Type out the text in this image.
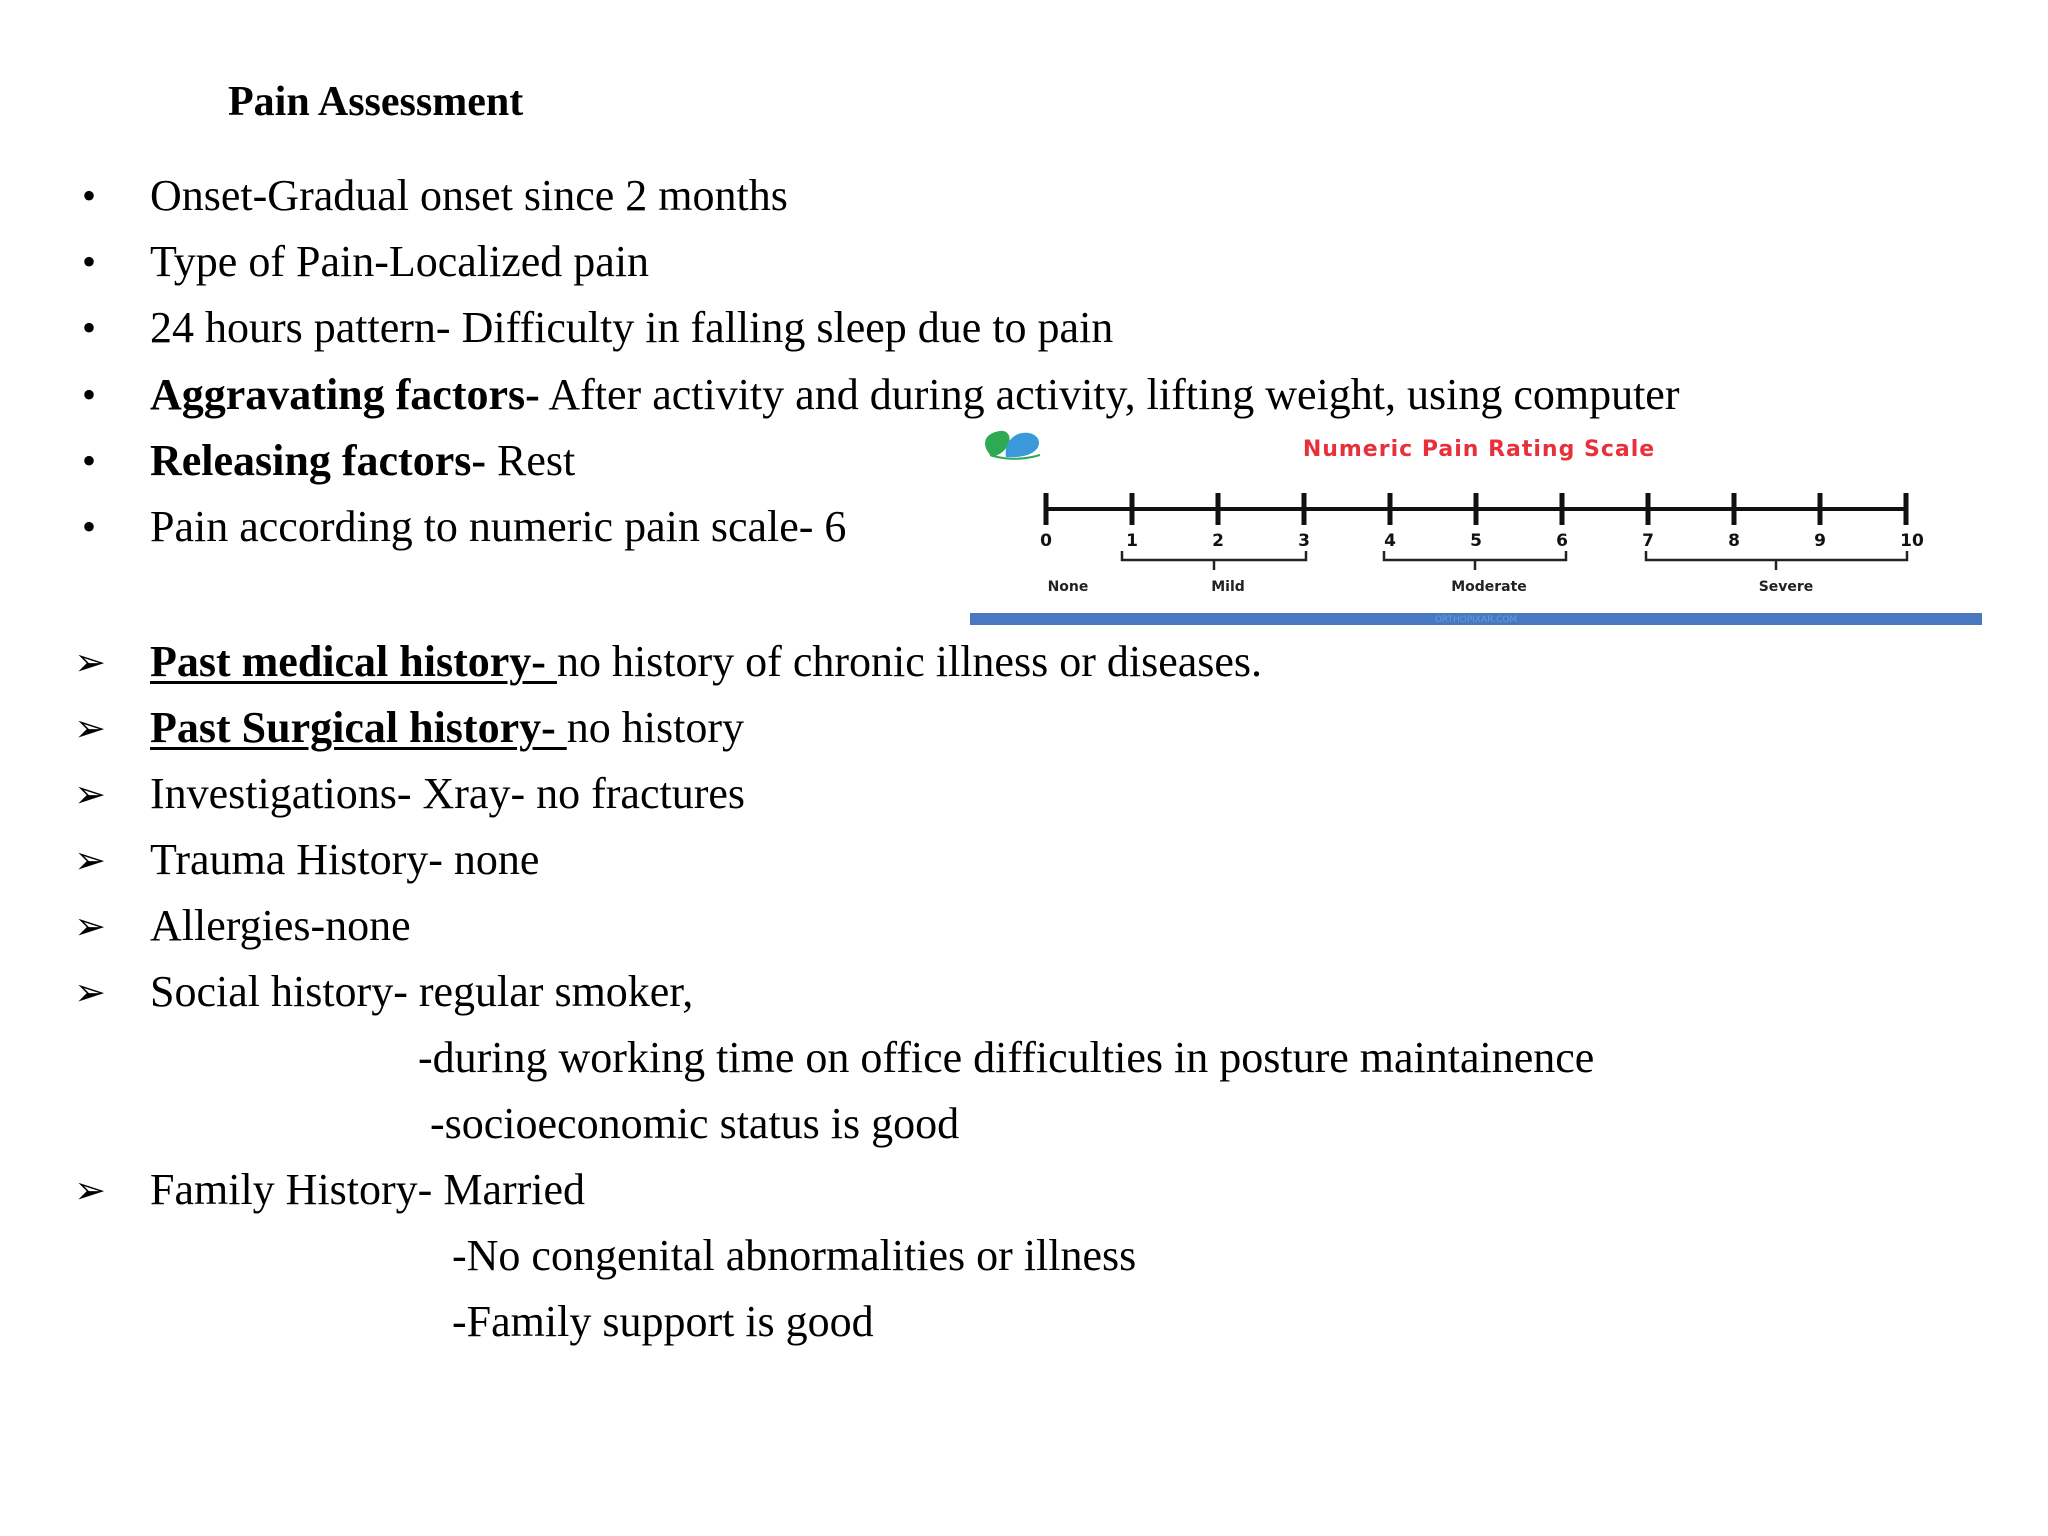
Pain Assessment
• Onset-Gradual onset since 2 months
• Type of Pain-Localized pain
• 24 hours pattern- Difficulty in falling sleep due to pain
• Aggravating factors- After activity and during activity, lifting weight, using computer
• Releasing factors- Rest
• Pain according to numeric pain scale- 6
Numeric Pain Rating Scale
0	1	2	3	4	5	6	7	8	9	10
None	Mild	Moderate	Severe
ORTHOPIXAR.COM
➢ Past medical history- no history of chronic illness or diseases.
➢ Past Surgical history- no history
➢ Investigations- Xray- no fractures
➢ Trauma History- none
➢ Allergies-none
➢ Social history- regular smoker,
-during working time on office difficulties in posture maintainence
-socioeconomic status is good
➢ Family History- Married
-No congenital abnormalities or illness
-Family support is good
